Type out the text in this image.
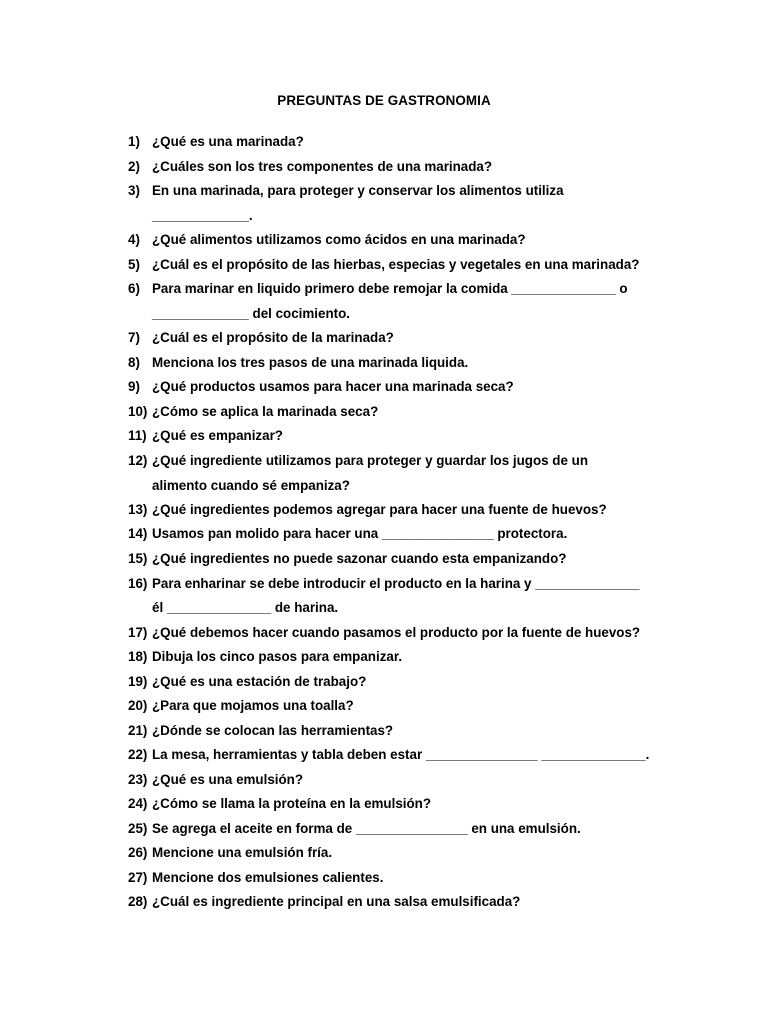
PREGUNTAS DE GASTRONOMIA
1) ¿Qué es una marinada?
2) ¿Cuáles son los tres componentes de una marinada?
3) En una marinada, para proteger y conservar los alimentos utiliza
_____________.
4) ¿Qué alimentos utilizamos como ácidos en una marinada?
5) ¿Cuál es el propósito de las hierbas, especias y vegetales en una marinada?
6) Para marinar en liquido primero debe remojar la comida ______________ o
_____________ del cocimiento.
7) ¿Cuál es el propósito de la marinada?
8) Menciona los tres pasos de una marinada liquida.
9) ¿Qué productos usamos para hacer una marinada seca?
10) ¿Cómo se aplica la marinada seca?
11) ¿Qué es empanizar?
12) ¿Qué ingrediente utilizamos para proteger y guardar los jugos de un
alimento cuando sé empaniza?
13) ¿Qué ingredientes podemos agregar para hacer una fuente de huevos?
14) Usamos pan molido para hacer una _______________ protectora.
15) ¿Qué ingredientes no puede sazonar cuando esta empanizando?
16) Para enharinar se debe introducir el producto en la harina y ______________
él ______________ de harina.
17) ¿Qué debemos hacer cuando pasamos el producto por la fuente de huevos?
18) Dibuja los cinco pasos para empanizar.
19) ¿Qué es una estación de trabajo?
20) ¿Para que mojamos una toalla?
21) ¿Dónde se colocan las herramientas?
22) La mesa, herramientas y tabla deben estar _______________ ______________.
23) ¿Qué es una emulsión?
24) ¿Cómo se llama la proteína en la emulsión?
25) Se agrega el aceite en forma de _______________ en una emulsión.
26) Mencione una emulsión fría.
27) Mencione dos emulsiones calientes.
28) ¿Cuál es ingrediente principal en una salsa emulsificada?
